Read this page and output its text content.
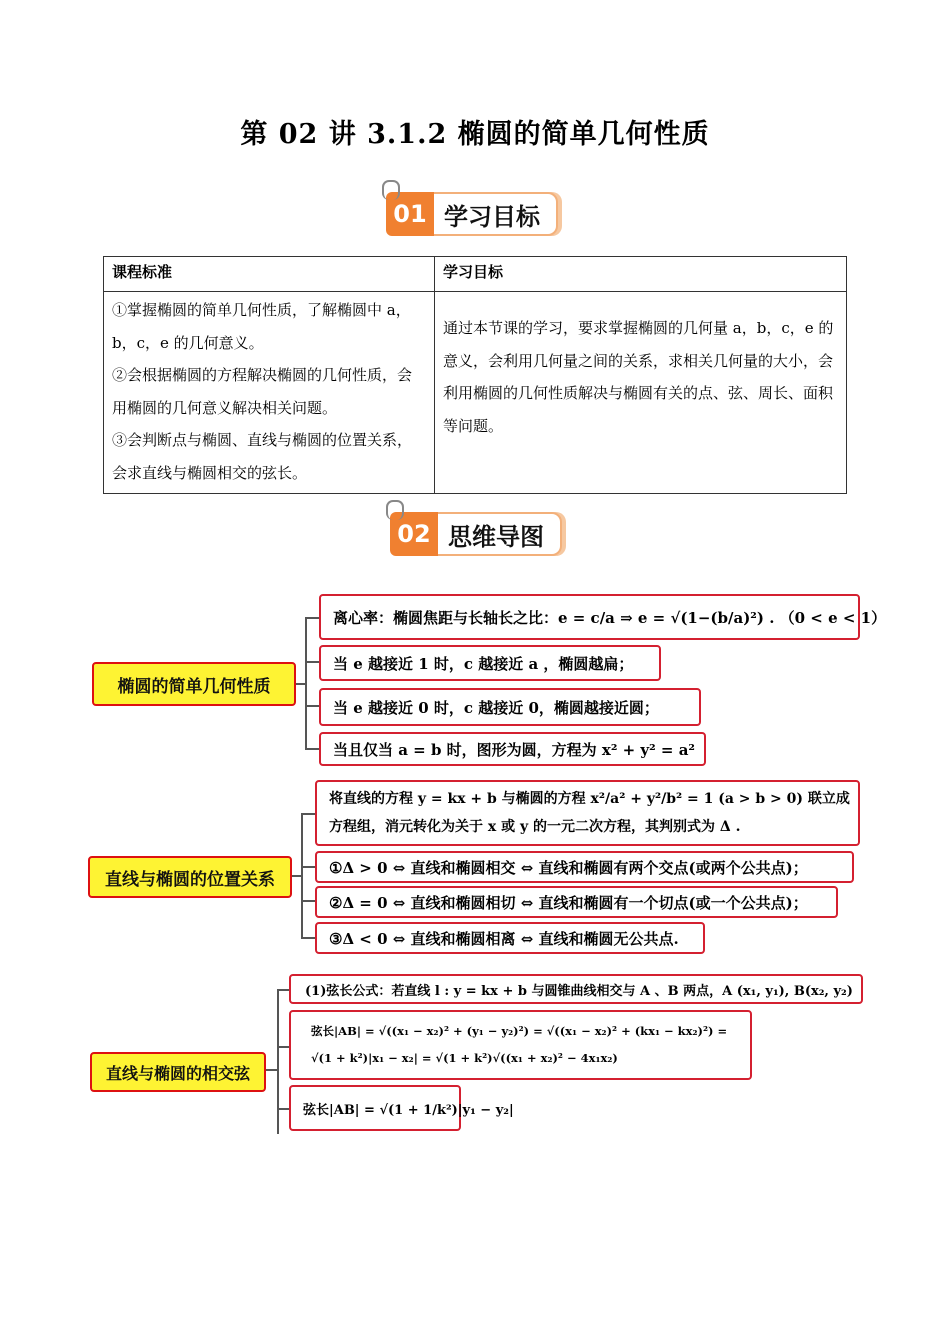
第 02 讲 3.1.2 椭圆的简单几何性质
01 学习目标
课程标准	学习目标

①掌握椭圆的简单几何性质，了解椭圆中 a，b，c，e 的几何意义。
②会根据椭圆的方程解决椭圆的几何性质，会用椭圆的几何意义解决相关问题。
③会判断点与椭圆、直线与椭圆的位置关系，会求直线与椭圆相交的弦长。	通过本节课的学习，要求掌握椭圆的几何量 a，b，c，e 的意义，会利用几何量之间的关系，求相关几何量的大小，会利用椭圆的几何性质解决与椭圆有关的点、弦、周长、面积等问题。
02 思维导图
椭圆的简单几何性质
离心率：椭圆焦距与长轴长之比：e = c/a ⇒ e = √(1−(b/a)²) . （0 < e < 1）
当 e 越接近 1 时，c 越接近 a ，椭圆越扁；
当 e 越接近 0 时，c 越接近 0，椭圆越接近圆；
当且仅当 a = b 时，图形为圆，方程为 x² + y² = a²
直线与椭圆的位置关系
将直线的方程 y = kx + b 与椭圆的方程 x²/a² + y²/b² = 1 (a > b > 0) 联立成方程组，消元转化为关于 x 或 y 的一元二次方程，其判别式为 Δ .
①Δ > 0 ⇔ 直线和椭圆相交 ⇔ 直线和椭圆有两个交点(或两个公共点)；
②Δ = 0 ⇔ 直线和椭圆相切 ⇔ 直线和椭圆有一个切点(或一个公共点)；
③Δ < 0 ⇔ 直线和椭圆相离 ⇔ 直线和椭圆无公共点.
直线与椭圆的相交弦
(1)弦长公式：若直线 l : y = kx + b 与圆锥曲线相交与 A 、B 两点，A (x₁, y₁), B(x₂, y₂)
弦长|AB| = √((x₁ − x₂)² + (y₁ − y₂)²) = √((x₁ − x₂)² + (kx₁ − kx₂)²) = √(1 + k²)|x₁ − x₂| = √(1 + k²)√((x₁ + x₂)² − 4x₁x₂)
弦长|AB| = √(1 + 1/k²)|y₁ − y₂|
